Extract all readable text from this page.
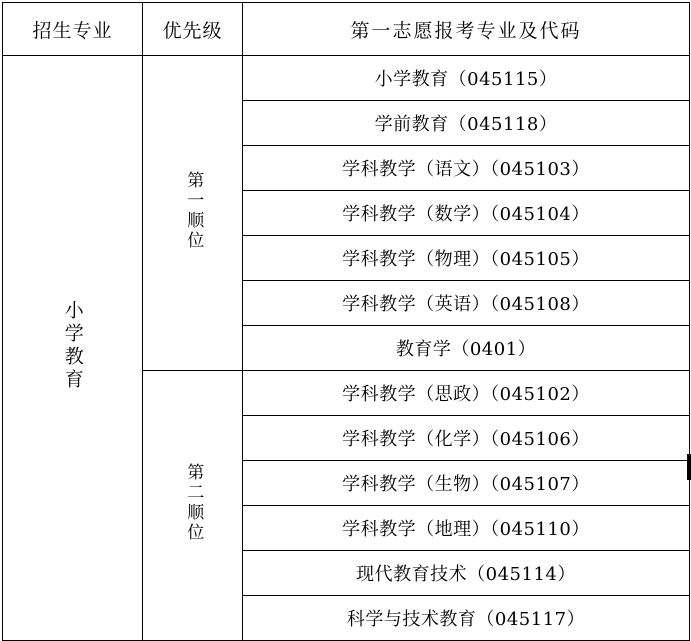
招生专业	优先级	第一志愿报考专业及代码
小学教育	第一顺位	小学教育（045115）
		学前教育（045118）
		学科教学（语文）（045103）
		学科教学（数学）（045104）
		学科教学（物理）（045105）
		学科教学（英语）（045108）
		教育学（0401）
	第二顺位	学科教学（思政）（045102）
		学科教学（化学）（045106）
		学科教学（生物）（045107）
		学科教学（地理）（045110）
		现代教育技术（045114）
		科学与技术教育（045117）
